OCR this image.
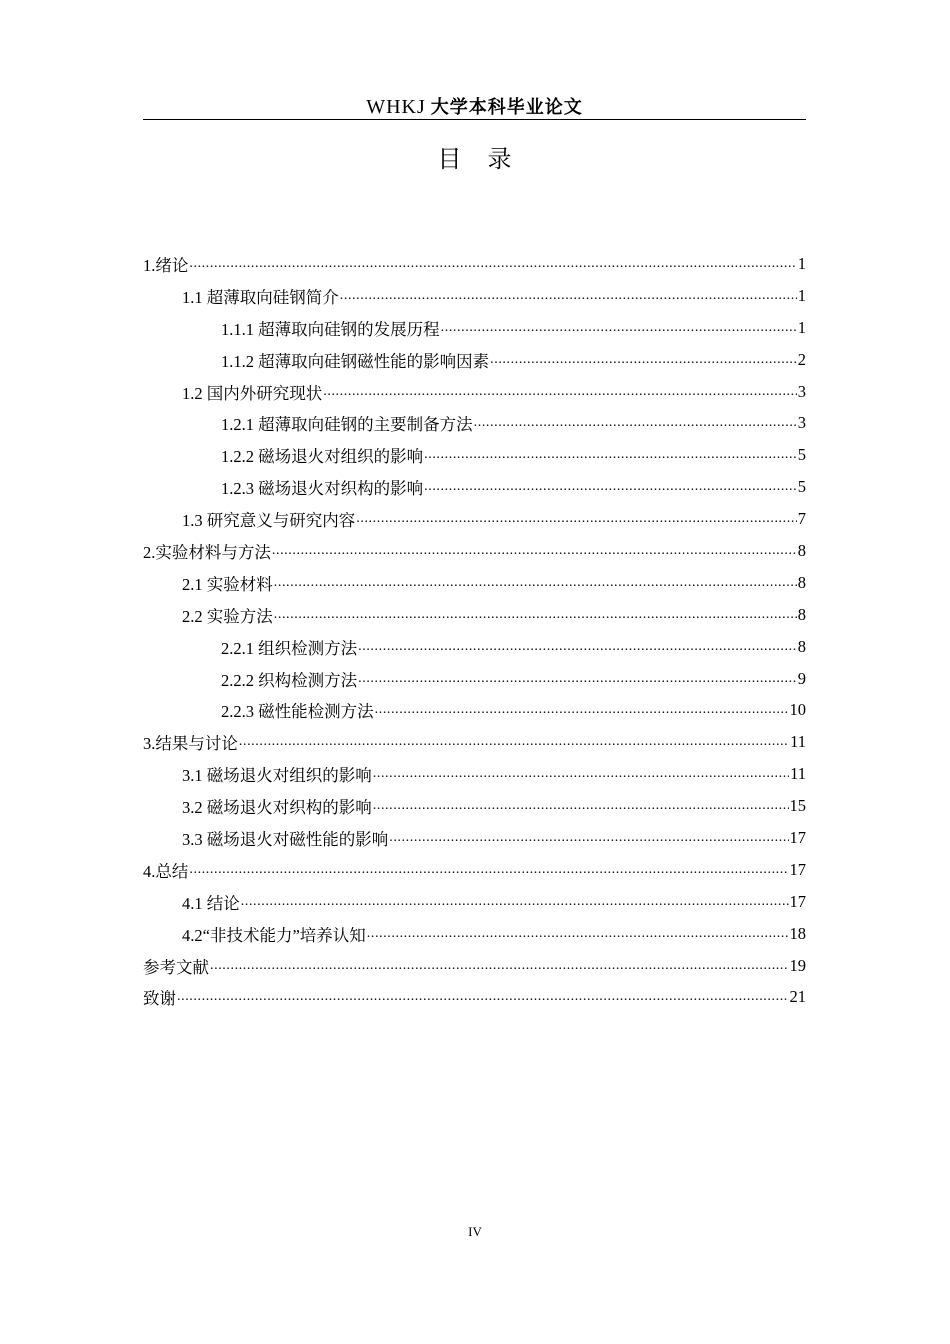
WHKJ 大学本科毕业论文
目录
1.绪论 .....	1
1.1 超薄取向硅钢简介 .....	1
1.1.1 超薄取向硅钢的发展历程 .....	1
1.1.2 超薄取向硅钢磁性能的影响因素 .....	2
1.2 国内外研究现状 .....	3
1.2.1 超薄取向硅钢的主要制备方法 .....	3
1.2.2 磁场退火对组织的影响 .....	5
1.2.3 磁场退火对织构的影响 .....	5
1.3 研究意义与研究内容 .....	7
2.实验材料与方法 .....	8
2.1 实验材料 .....	8
2.2 实验方法 .....	8
2.2.1 组织检测方法 .....	8
2.2.2 织构检测方法 .....	9
2.2.3 磁性能检测方法 .....	10
3.结果与讨论 .....	11
3.1 磁场退火对组织的影响 .....	11
3.2 磁场退火对织构的影响 .....	15
3.3 磁场退火对磁性能的影响 .....	17
4.总结 .....	17
4.1 结论 .....	17
4.2“非技术能力”培养认知 .....	18
参考文献 .....	19
致谢 .....	21
IV
